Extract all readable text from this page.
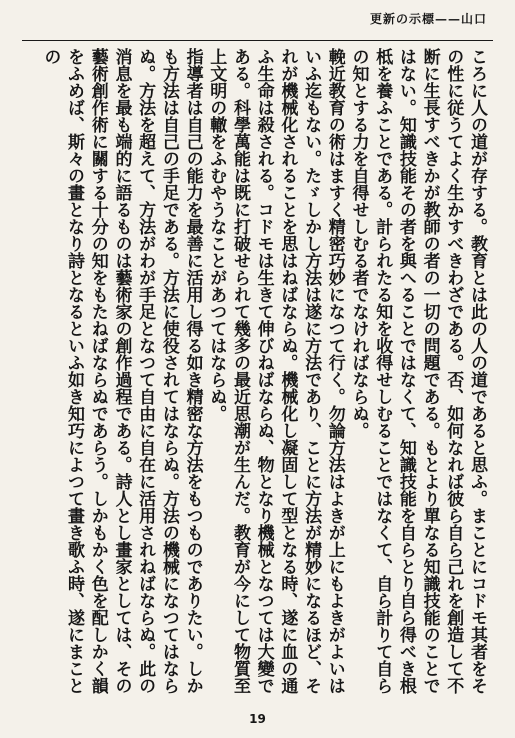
更新の示標——山口

ころに人の道が存する。教育とは此の人の道であると思ふ。まことにコドモ其者をその性に従うてよく生かすべきわざである。否、如何なれば彼ら自ら己れを創造して不断に生長すべきかが教師の者の一切の問題である。もとより單なる知識技能のことではない。知識技能その者を與へることではなくて、知識技能を自らとり自ら得べき根柢を養ふことである。計られたる知を收得せしむることではなくて、自ら計りて自らの知とする力を自得せしむる者でなければならぬ。

輓近教育の術はますく精密巧妙になつて行く。勿論方法はよきが上にもよきがよいはいふ迄もない。たゞしかし方法は遂に方法であり、ことに方法が精妙になるほど、それが機械化されることを思はねばならぬ。機械化し凝固して型となる時、遂に血の通ふ生命は殺される。コドモは生きて伸びねばならぬ、物となり機械となつては大變である。科學萬能は既に打破せられて幾多の最近思潮が生んだ。教育が今にして物質至上文明の轍をふむやうなことがあつてはならぬ。

指導者は自己の能力を最善に活用し得る如き精密な方法をもつものでありたい。しかも方法は自己の手足である。方法に使役されてはならぬ。方法の機械になつてはならぬ。方法を超えて、方法がわが手足となつて自由に自在に活用されねばならぬ。此の消息を最も端的に語るものは藝術家の創作過程である。詩人とし畫家としては、その藝術創作術に關する十分の知をもたねばならぬであらう。しかもかく色を配しかく韻をふめば、斯々の畫となり詩となるといふ如き知巧によつて畫き歌ふ時、遂にまことの

19
